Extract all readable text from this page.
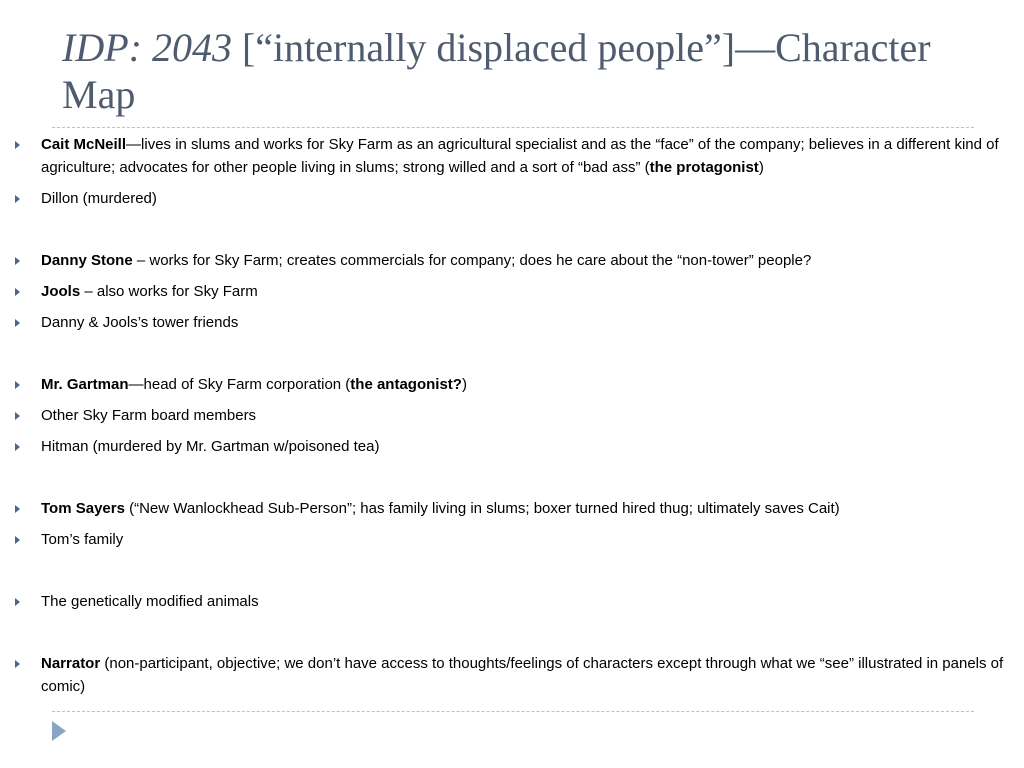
IDP: 2043 [“internally displaced people”]—Character Map
Cait McNeill—lives in slums and works for Sky Farm as an agricultural specialist and as the “face” of the company; believes in a different kind of agriculture; advocates for other people living in slums; strong willed and a sort of “bad ass” (the protagonist)
Dillon (murdered)
Danny Stone – works for Sky Farm; creates commercials for company; does he care about the “non-tower” people?
Jools – also works for Sky Farm
Danny & Jools’s tower friends
Mr. Gartman—head of Sky Farm corporation (the antagonist?)
Other Sky Farm board members
Hitman (murdered by Mr. Gartman w/poisoned tea)
Tom Sayers (“New Wanlockhead Sub-Person”; has family living in slums; boxer turned hired thug; ultimately saves Cait)
Tom’s family
The genetically modified animals
Narrator (non-participant, objective; we don’t have access to thoughts/feelings of characters except through what we “see” illustrated in panels of comic)
